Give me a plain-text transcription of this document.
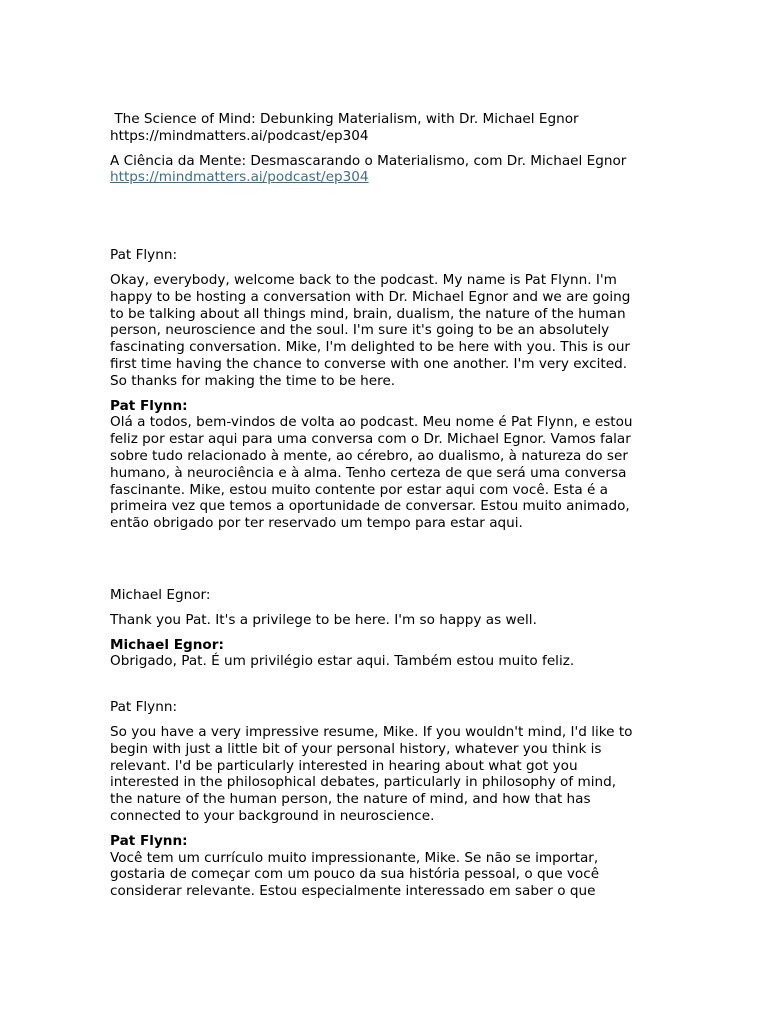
The Science of Mind: Debunking Materialism, with Dr. Michael Egnor

https://mindmatters.ai/podcast/ep304

A Ciência da Mente: Desmascarando o Materialismo, com Dr. Michael Egnor

https://mindmatters.ai/podcast/ep304

Pat Flynn:

Okay, everybody, welcome back to the podcast. My name is Pat Flynn. I'm
happy to be hosting a conversation with Dr. Michael Egnor and we are going
to be talking about all things mind, brain, dualism, the nature of the human
person, neuroscience and the soul. I'm sure it's going to be an absolutely
fascinating conversation. Mike, I'm delighted to be here with you. This is our
first time having the chance to converse with one another. I'm very excited.
So thanks for making the time to be here.

Pat Flynn:

Olá a todos, bem-vindos de volta ao podcast. Meu nome é Pat Flynn, e estou
feliz por estar aqui para uma conversa com o Dr. Michael Egnor. Vamos falar
sobre tudo relacionado à mente, ao cérebro, ao dualismo, à natureza do ser
humano, à neurociência e à alma. Tenho certeza de que será uma conversa
fascinante. Mike, estou muito contente por estar aqui com você. Esta é a
primeira vez que temos a oportunidade de conversar. Estou muito animado,
então obrigado por ter reservado um tempo para estar aqui.

Michael Egnor:

Thank you Pat. It's a privilege to be here. I'm so happy as well.

Michael Egnor:

Obrigado, Pat. É um privilégio estar aqui. Também estou muito feliz.

Pat Flynn:

So you have a very impressive resume, Mike. If you wouldn't mind, I'd like to
begin with just a little bit of your personal history, whatever you think is
relevant. I'd be particularly interested in hearing about what got you
interested in the philosophical debates, particularly in philosophy of mind,
the nature of the human person, the nature of mind, and how that has
connected to your background in neuroscience.

Pat Flynn:

Você tem um currículo muito impressionante, Mike. Se não se importar,
gostaria de começar com um pouco da sua história pessoal, o que você
considerar relevante. Estou especialmente interessado em saber o que
